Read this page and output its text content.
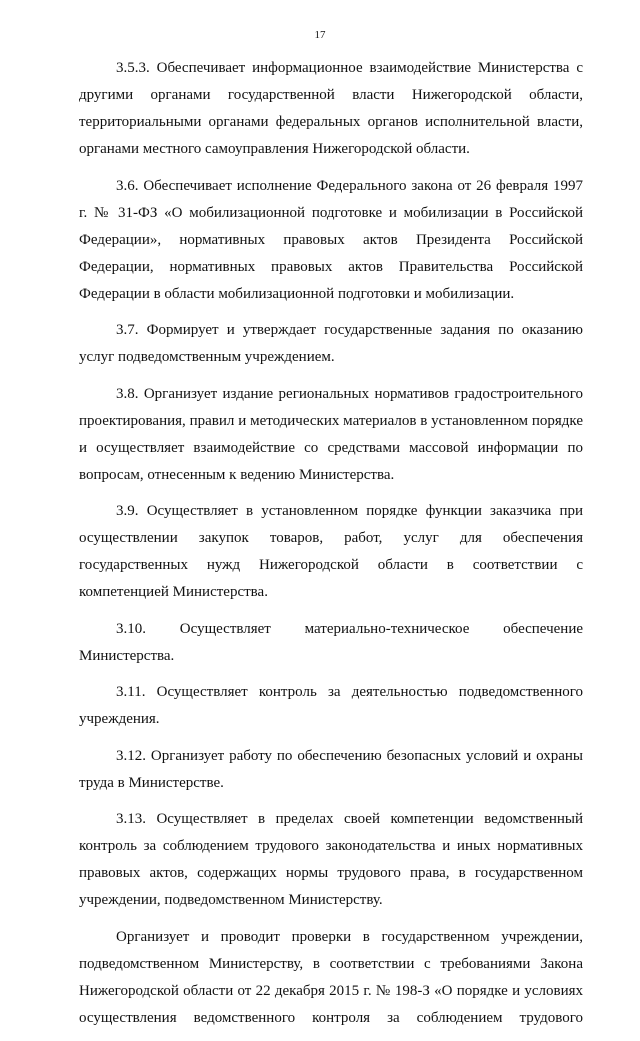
17

3.5.3. Обеспечивает информационное взаимодействие Министерства с другими органами государственной власти Нижегородской области, территориальными органами федеральных органов исполнительной власти, органами местного самоуправления Нижегородской области.

3.6. Обеспечивает исполнение Федерального закона от 26 февраля 1997 г. № 31-ФЗ «О мобилизационной подготовке и мобилизации в Российской Федерации», нормативных правовых актов Президента Российской Федерации, нормативных правовых актов Правительства Российской Федерации в области мобилизационной подготовки и мобилизации.

3.7. Формирует и утверждает государственные задания по оказанию услуг подведомственным учреждением.

3.8. Организует издание региональных нормативов градостроительного проектирования, правил и методических материалов в установленном порядке и осуществляет взаимодействие со средствами массовой информации по вопросам, отнесенным к ведению Министерства.

3.9. Осуществляет в установленном порядке функции заказчика при осуществлении закупок товаров, работ, услуг для обеспечения государственных нужд Нижегородской области в соответствии с компетенцией Министерства.

3.10. Осуществляет материально-техническое обеспечение Министерства.

3.11. Осуществляет контроль за деятельностью подведомственного учреждения.

3.12. Организует работу по обеспечению безопасных условий и охраны труда в Министерстве.

3.13. Осуществляет в пределах своей компетенции ведомственный контроль за соблюдением трудового законодательства и иных нормативных правовых актов, содержащих нормы трудового права, в государственном учреждении, подведомственном Министерству.

Организует и проводит проверки в государственном учреждении, подведомственном Министерству, в соответствии с требованиями Закона Нижегородской области от 22 декабря 2015 г. № 198-З «О порядке и условиях осуществления ведомственного контроля за соблюдением трудового
